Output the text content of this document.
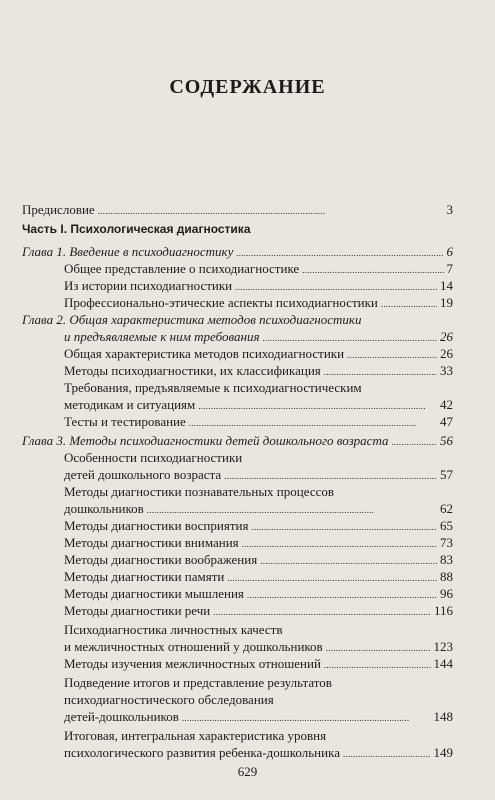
СОДЕРЖАНИЕ
Предисловие . . .	3
Часть I. Психологическая диагностика
Глава 1. Введение в психодиагностику . . .	6
Общее представление о психодиагностике . . .	7
Из истории психодиагностики . . .	14
Профессионально-этические аспекты психодиагностики . . .	19
Глава 2. Общая характеристика методов психодиагностики
и предъявляемые к ним требования . . .	26
Общая характеристика методов психодиагностики . . .	26
Методы психодиагностики, их классификация . . .	33
Требования, предъявляемые к психодиагностическим
методикам и ситуациям . . .	42
Тесты и тестирование . . .	47
Глава 3. Методы психодиагностики детей дошкольного возраста . . .	56
Особенности психодиагностики
детей дошкольного возраста . . .	57
Методы диагностики познавательных процессов
дошкольников . . .	62
Методы диагностики восприятия . . .	65
Методы диагностики внимания . . .	73
Методы диагностики воображения . . .	83
Методы диагностики памяти . . .	88
Методы диагностики мышления . . .	96
Методы диагностики речи . . .	116
Психодиагностика личностных качеств
и межличностных отношений у дошкольников . . .	123
Методы изучения межличностных отношений . . .	144
Подведение итогов и представление результатов
психодиагностического обследования
детей-дошкольников . . .	148
Итоговая, интегральная характеристика уровня
психологического развития ребенка-дошкольника . . .	149
629
